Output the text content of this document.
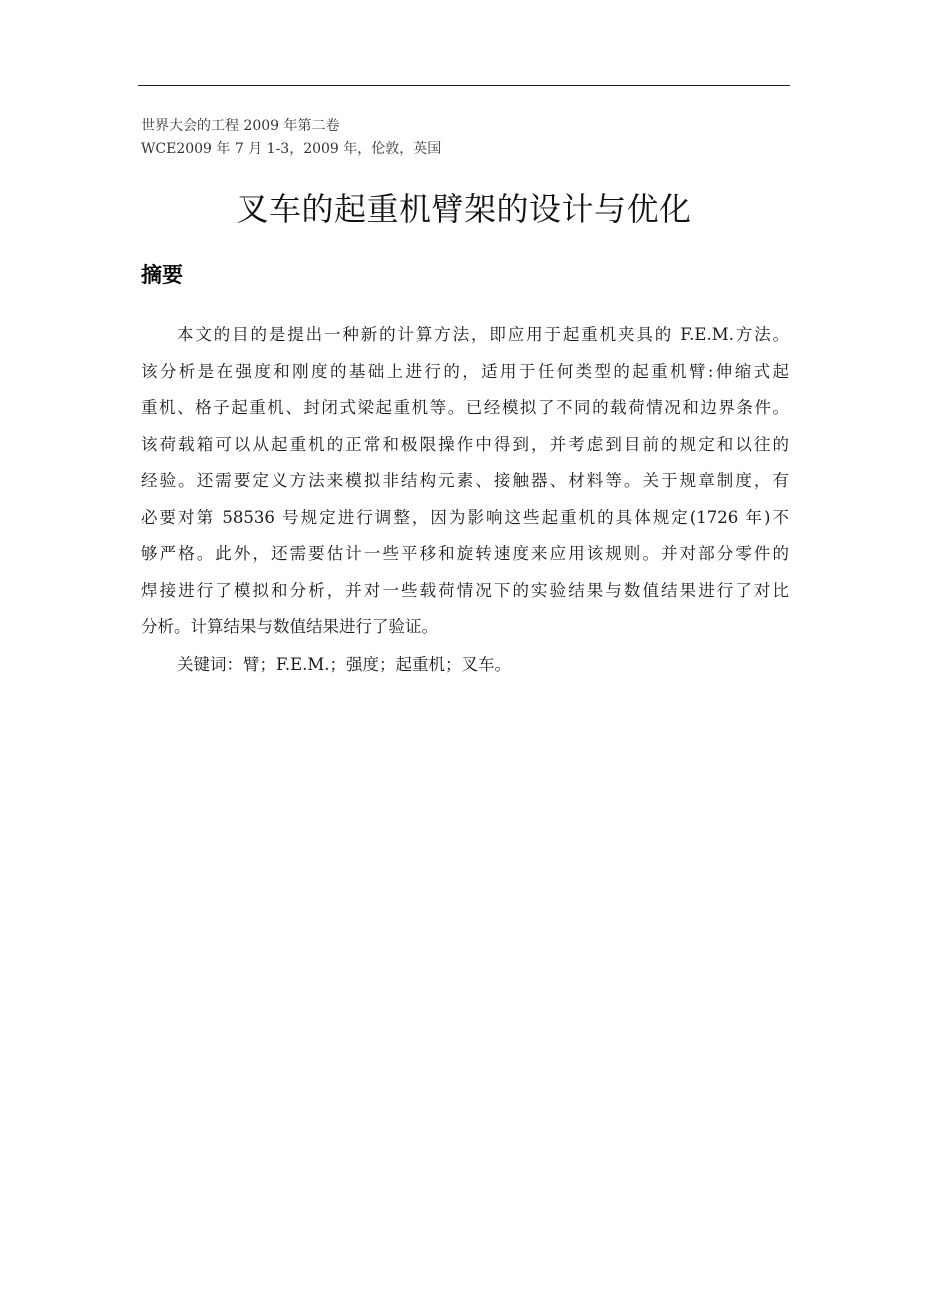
世界大会的工程 2009 年第二卷
WCE2009 年 7 月 1-3，2009 年，伦敦，英国
叉车的起重机臂架的设计与优化
摘要
本文的目的是提出一种新的计算方法，即应用于起重机夹具的 F.E.M.方法。
该分析是在强度和刚度的基础上进行的，适用于任何类型的起重机臂:伸缩式起
重机、格子起重机、封闭式梁起重机等。已经模拟了不同的载荷情况和边界条件。
该荷载箱可以从起重机的正常和极限操作中得到，并考虑到目前的规定和以往的
经验。还需要定义方法来模拟非结构元素、接触器、材料等。关于规章制度，有
必要对第 58536 号规定进行调整，因为影响这些起重机的具体规定(1726 年)不
够严格。此外，还需要估计一些平移和旋转速度来应用该规则。并对部分零件的
焊接进行了模拟和分析，并对一些载荷情况下的实验结果与数值结果进行了对比
分析。计算结果与数值结果进行了验证。
关键词：臂；F.E.M.；强度；起重机；叉车。
